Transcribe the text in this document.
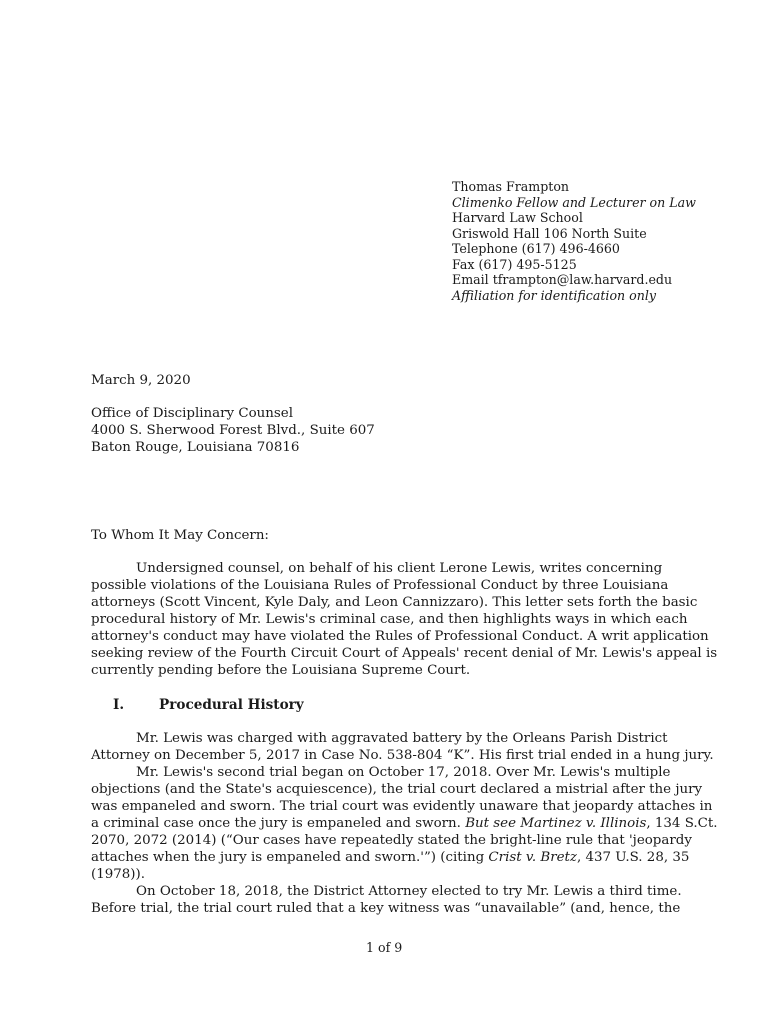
Thomas Frampton
Climenko Fellow and Lecturer on Law
Harvard Law School
Griswold Hall 106 North Suite
Telephone (617) 496-4660
Fax (617) 495-5125
Email tframpton@law.harvard.edu
Affiliation for identification only
March 9, 2020
Office of Disciplinary Counsel
4000 S. Sherwood Forest Blvd., Suite 607
Baton Rouge, Louisiana 70816
To Whom It May Concern:
Undersigned counsel, on behalf of his client Lerone Lewis, writes concerning
possible violations of the Louisiana Rules of Professional Conduct by three Louisiana
attorneys (Scott Vincent, Kyle Daly, and Leon Cannizzaro). This letter sets forth the basic
procedural history of Mr. Lewis's criminal case, and then highlights ways in which each
attorney's conduct may have violated the Rules of Professional Conduct. A writ application
seeking review of the Fourth Circuit Court of Appeals' recent denial of Mr. Lewis's appeal is
currently pending before the Louisiana Supreme Court.
I.	Procedural History
Mr. Lewis was charged with aggravated battery by the Orleans Parish District
Attorney on December 5, 2017 in Case No. 538-804 “K”. His first trial ended in a hung jury.
Mr. Lewis's second trial began on October 17, 2018. Over Mr. Lewis's multiple
objections (and the State's acquiescence), the trial court declared a mistrial after the jury
was empaneled and sworn. The trial court was evidently unaware that jeopardy attaches in
a criminal case once the jury is empaneled and sworn. But see Martinez v. Illinois, 134 S.Ct.
2070, 2072 (2014) (“Our cases have repeatedly stated the bright-line rule that 'jeopardy
attaches when the jury is empaneled and sworn.'”) (citing Crist v. Bretz, 437 U.S. 28, 35
(1978)).
On October 18, 2018, the District Attorney elected to try Mr. Lewis a third time.
Before trial, the trial court ruled that a key witness was “unavailable” (and, hence, the
1 of 9
